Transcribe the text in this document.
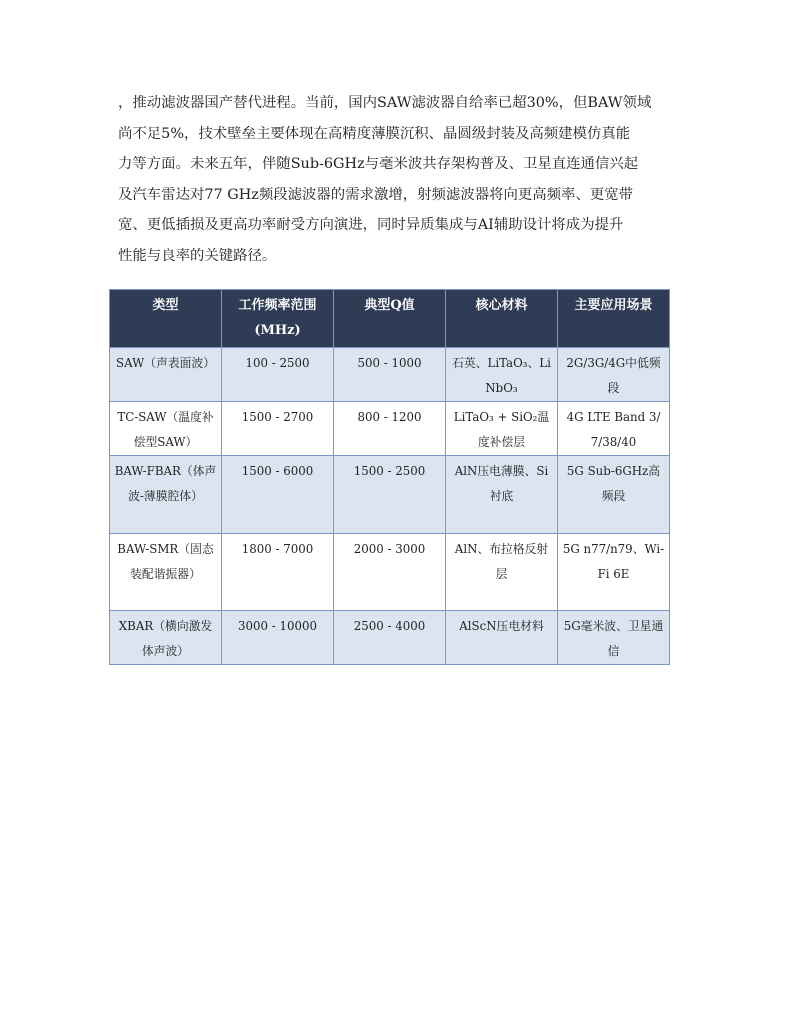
，推动滤波器国产替代进程。当前，国内SAW滤波器自给率已超30%，但BAW领域
尚不足5%，技术壁垒主要体现在高精度薄膜沉积、晶圆级封装及高频建模仿真能
力等方面。未来五年，伴随Sub-6GHz与毫米波共存架构普及、卫星直连通信兴起
及汽车雷达对77 GHz频段滤波器的需求激增，射频滤波器将向更高频率、更宽带
宽、更低插损及更高功率耐受方向演进，同时异质集成与AI辅助设计将成为提升
性能与良率的关键路径。
类型	工作频率范围 (MHz)	典型Q值	核心材料	主要应用场景
SAW（声表面波）	100 - 2500	500 - 1000	石英、LiTaO₃、LiNbO₃	2G/3G/4G中低频段
TC-SAW（温度补偿型SAW）	1500 - 2700	800 - 1200	LiTaO₃ + SiO₂温度补偿层	4G LTE Band 3/7/38/40
BAW-FBAR（体声波-薄膜腔体）	1500 - 6000	1500 - 2500	AlN压电薄膜、Si衬底	5G Sub-6GHz高频段
BAW-SMR（固态装配谐振器）	1800 - 7000	2000 - 3000	AlN、布拉格反射层	5G n77/n79、Wi-Fi 6E
XBAR（横向激发体声波）	3000 - 10000	2500 - 4000	AlScN压电材料	5G毫米波、卫星通信
